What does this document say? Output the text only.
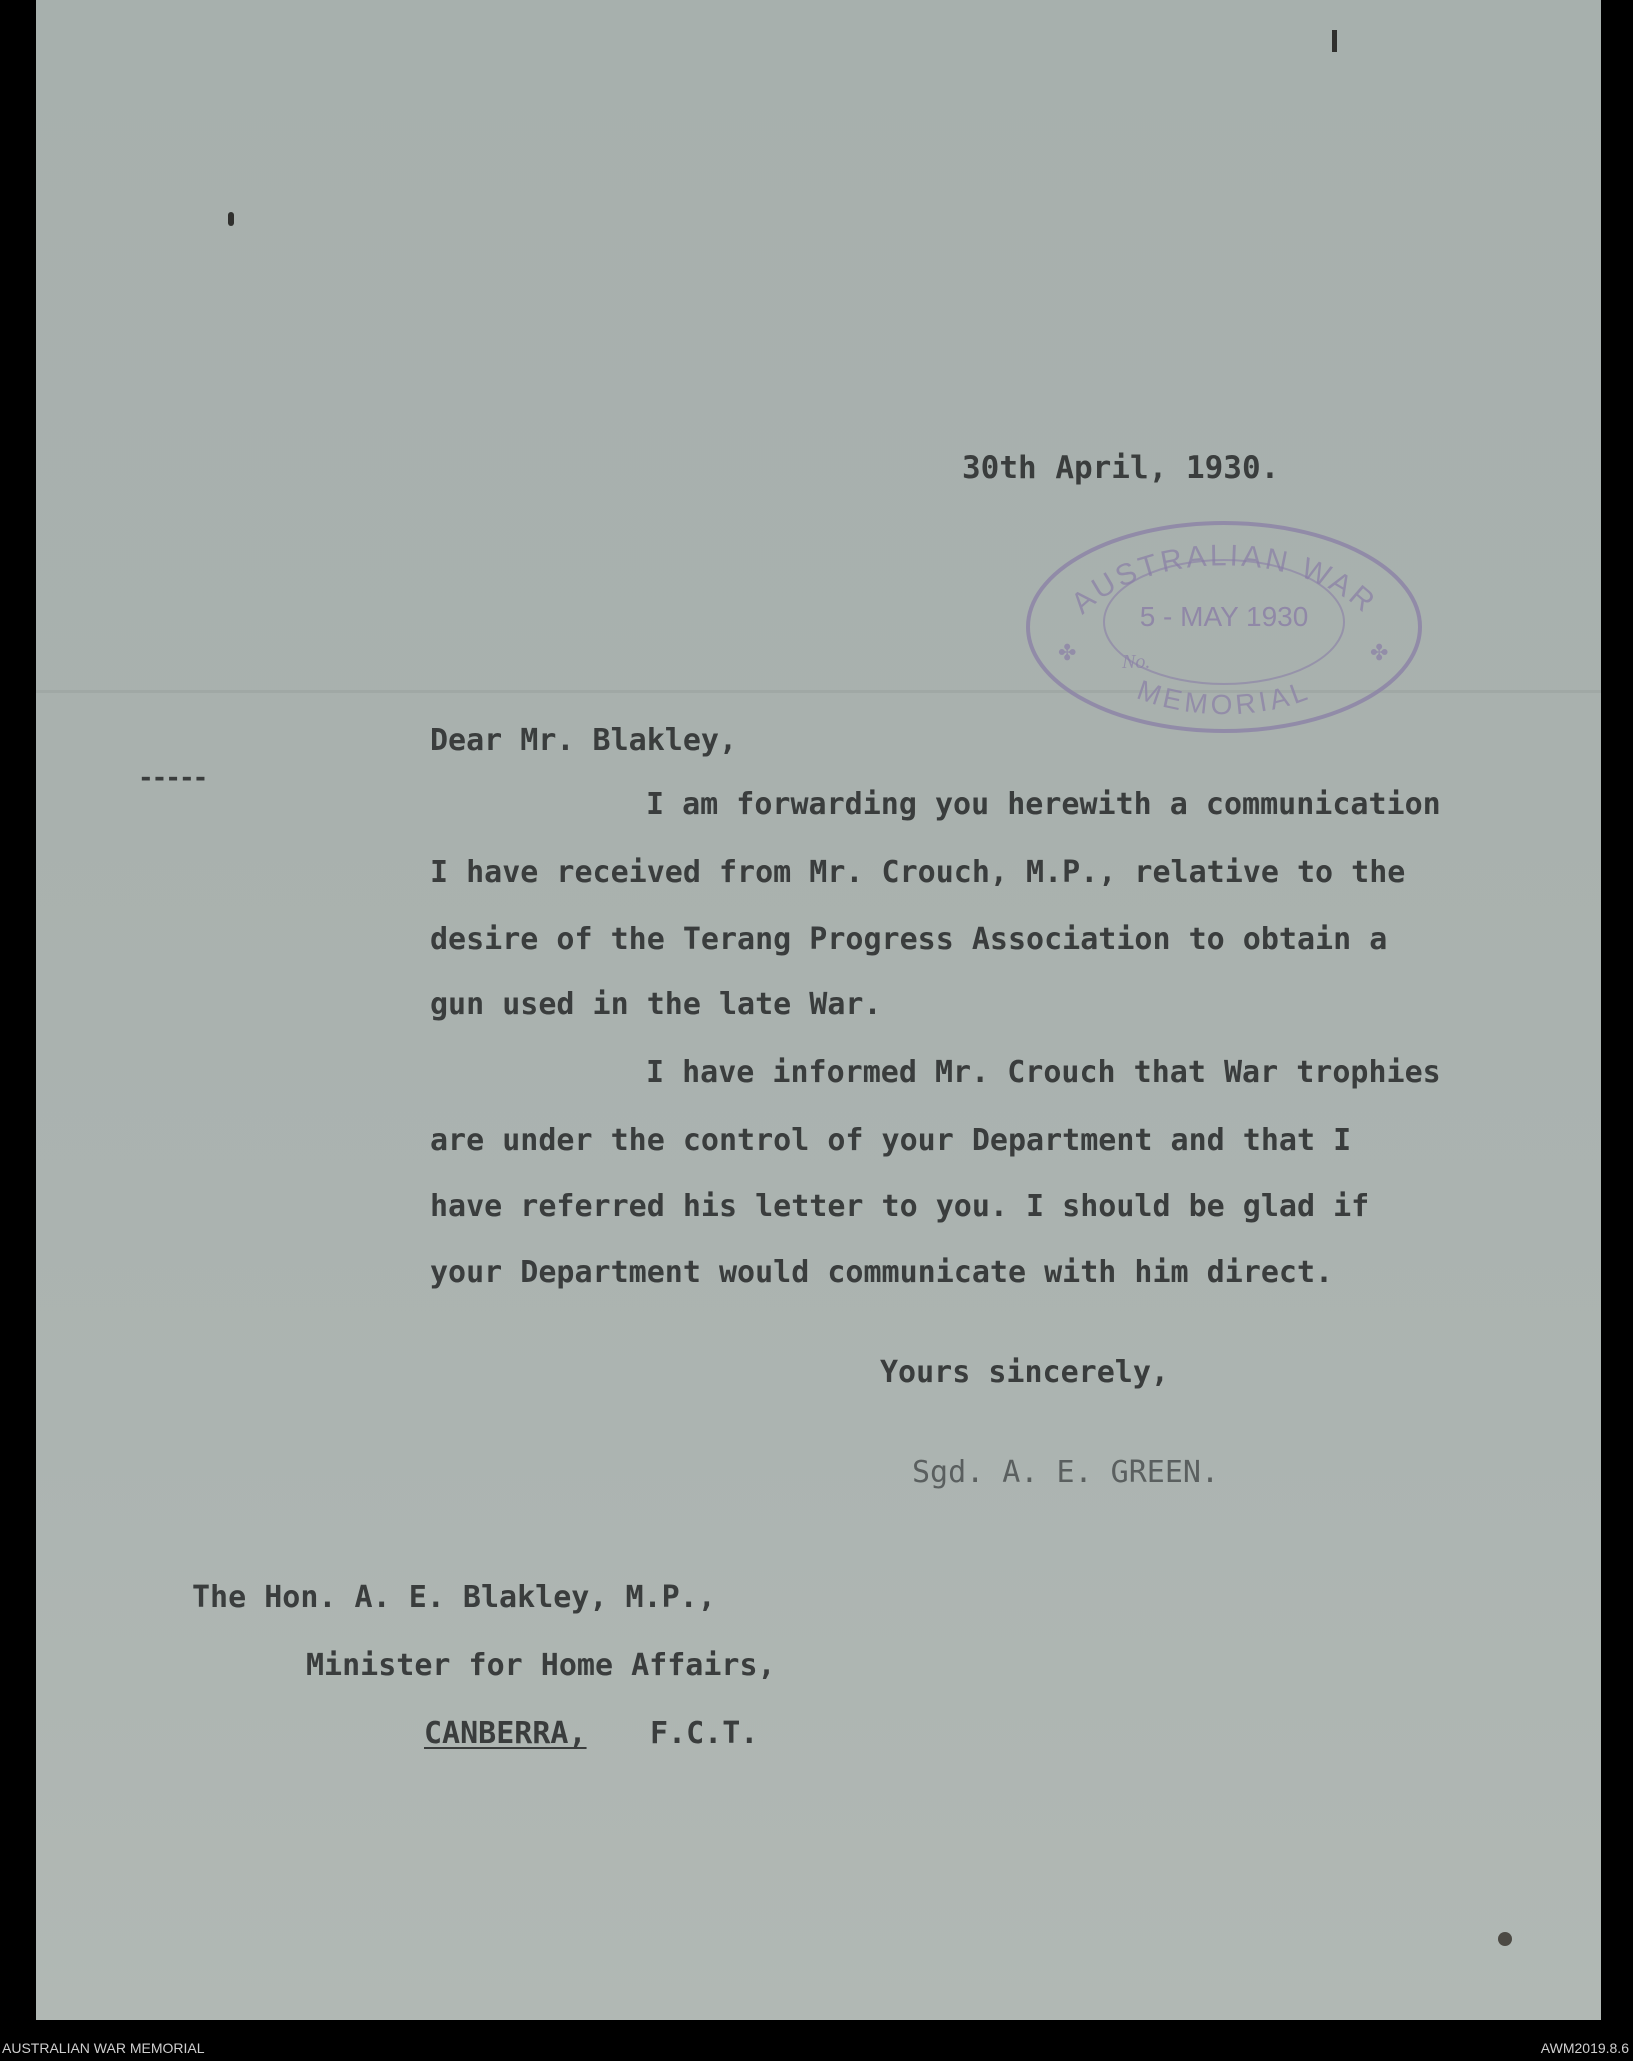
30th April, 1930.

AUSTRALIAN WAR
MEMORIAL
5 - MAY 1930
No.
✤	✤

Dear Mr. Blakley,

-----

I am forwarding you herewith a communication

I have received from Mr. Crouch, M.P., relative to the

desire of the Terang Progress Association to obtain a

gun used in the late War.

I have informed Mr. Crouch that War trophies

are under the control of your Department and that I

have referred his letter to you. I should be glad if

your Department would communicate with him direct.

Yours sincerely,

Sgd. A. E. GREEN.

The Hon. A. E. Blakley, M.P.,

Minister for Home Affairs,

CANBERRA, F.C.T.

AUSTRALIAN WAR MEMORIAL	AWM2019.8.6
